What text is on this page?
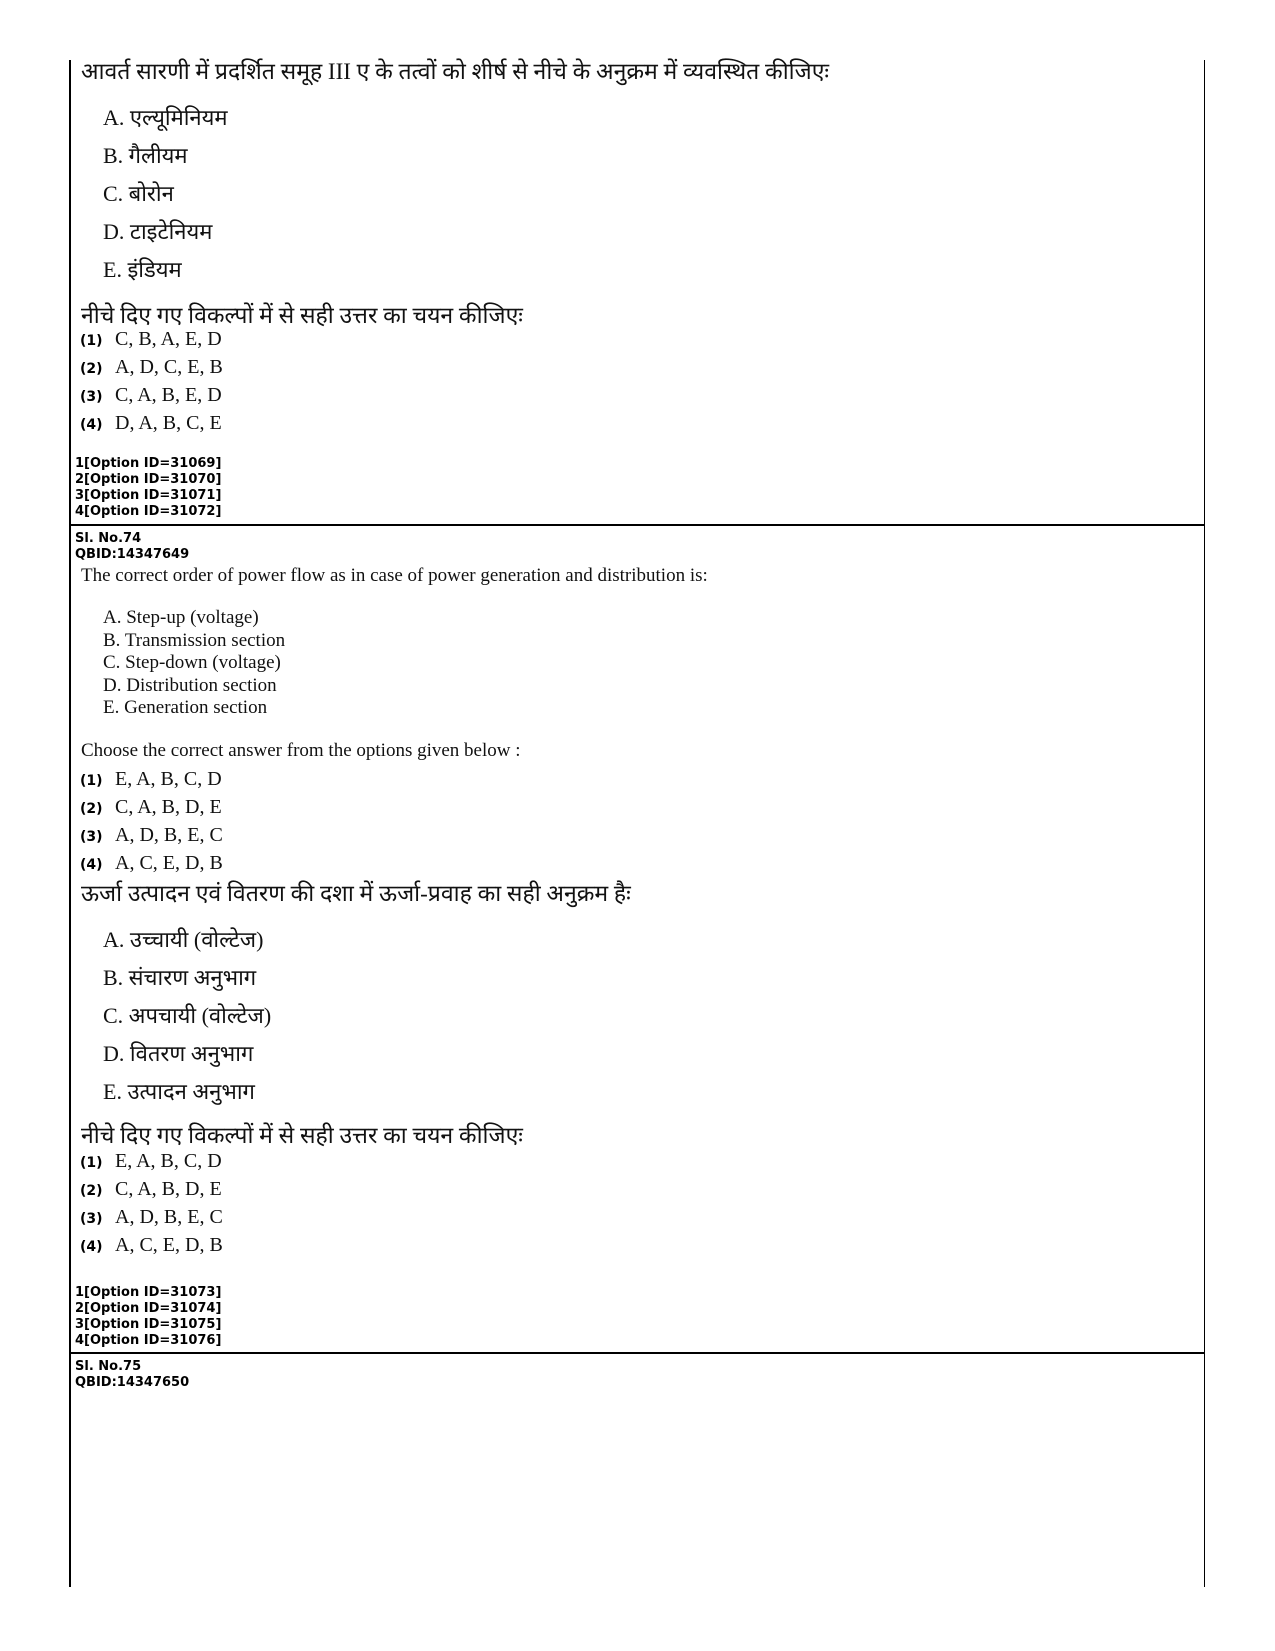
आवर्त सारणी में प्रदर्शित समूह III ए के तत्वों को शीर्ष से नीचे के अनुक्रम में व्यवस्थित कीजिएः
A. एल्यूमिनियम
B. गैलीयम
C. बोरोन
D. टाइटेनियम
E. इंडियम
नीचे दिए गए विकल्पों में से सही उत्तर का चयन कीजिएः
(1) C, B, A, E, D
(2) A, D, C, E, B
(3) C, A, B, E, D
(4) D, A, B, C, E
1[Option ID=31069]
2[Option ID=31070]
3[Option ID=31071]
4[Option ID=31072]
Sl. No.74
QBID:14347649
The correct order of power flow as in case of power generation and distribution is:
A. Step-up (voltage)
B. Transmission section
C. Step-down (voltage)
D. Distribution section
E. Generation section
Choose the correct answer from the options given below :
(1) E, A, B, C, D
(2) C, A, B, D, E
(3) A, D, B, E, C
(4) A, C, E, D, B
ऊर्जा उत्पादन एवं वितरण की दशा में ऊर्जा-प्रवाह का सही अनुक्रम हैः
A. उच्चायी (वोल्टेज)
B. संचारण अनुभाग
C. अपचायी (वोल्टेज)
D. वितरण अनुभाग
E. उत्पादन अनुभाग
नीचे दिए गए विकल्पों में से सही उत्तर का चयन कीजिएः
(1) E, A, B, C, D
(2) C, A, B, D, E
(3) A, D, B, E, C
(4) A, C, E, D, B
1[Option ID=31073]
2[Option ID=31074]
3[Option ID=31075]
4[Option ID=31076]
Sl. No.75
QBID:14347650
